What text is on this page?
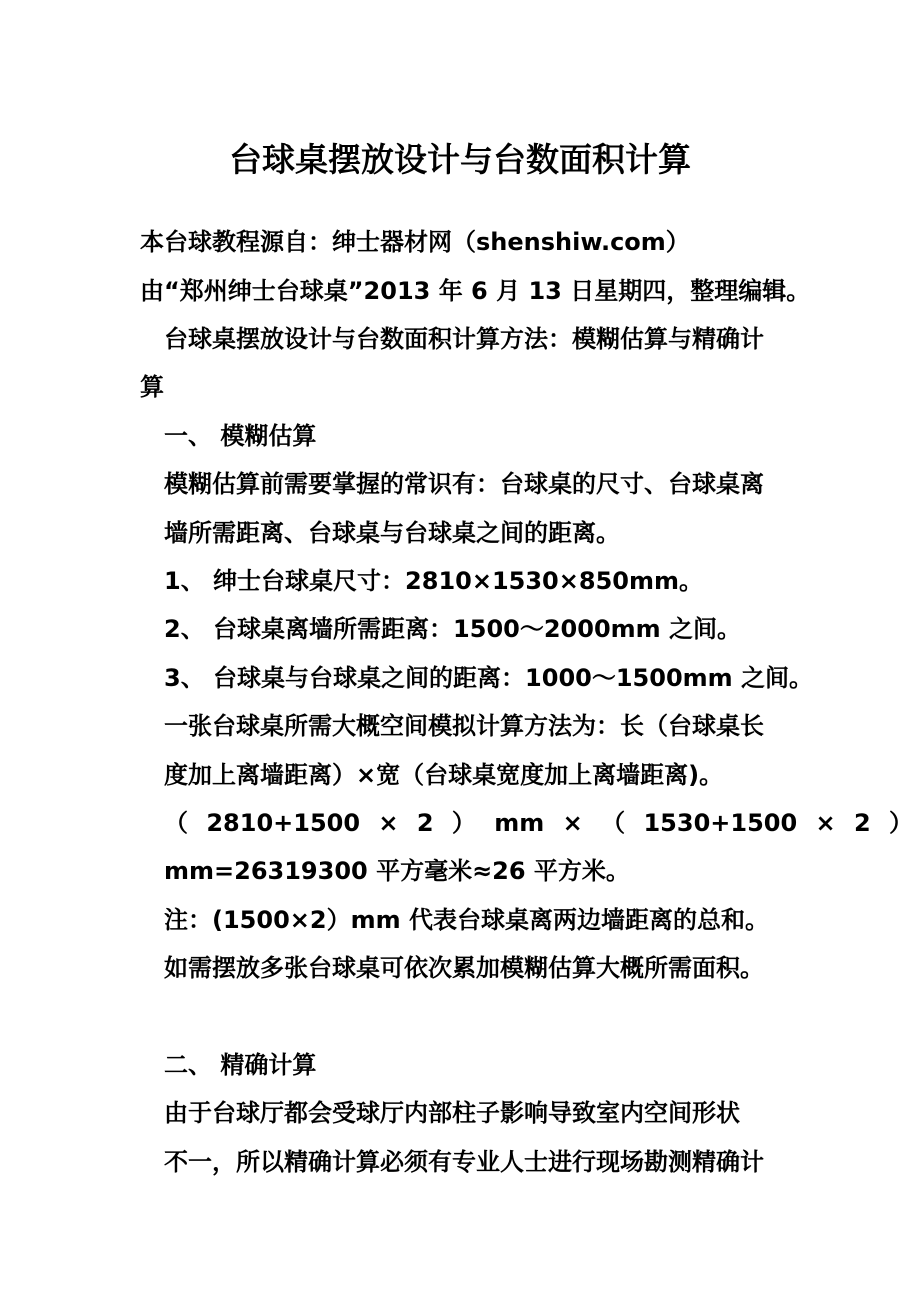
台球桌摆放设计与台数面积计算
本台球教程源自：绅士器材网（shenshiw.com）
由“郑州绅士台球桌”2013 年 6 月 13 日星期四，整理编辑。
台球桌摆放设计与台数面积计算方法：模糊估算与精确计
算
一、 模糊估算
模糊估算前需要掌握的常识有：台球桌的尺寸、台球桌离
墙所需距离、台球桌与台球桌之间的距离。
1、 绅士台球桌尺寸：2810×1530×850mm。
2、 台球桌离墙所需距离：1500～2000mm 之间。
3、 台球桌与台球桌之间的距离：1000～1500mm 之间。
一张台球桌所需大概空间模拟计算方法为：长（台球桌长
度加上离墙距离）×宽（台球桌宽度加上离墙距离)。
（ 2810+1500 × 2 ） mm × （ 1530+1500 × 2 ）
mm=26319300 平方毫米≈26 平方米。
注：(1500×2）mm 代表台球桌离两边墙距离的总和。
如需摆放多张台球桌可依次累加模糊估算大概所需面积。
二、 精确计算
由于台球厅都会受球厅内部柱子影响导致室内空间形状
不一，所以精确计算必须有专业人士进行现场勘测精确计
